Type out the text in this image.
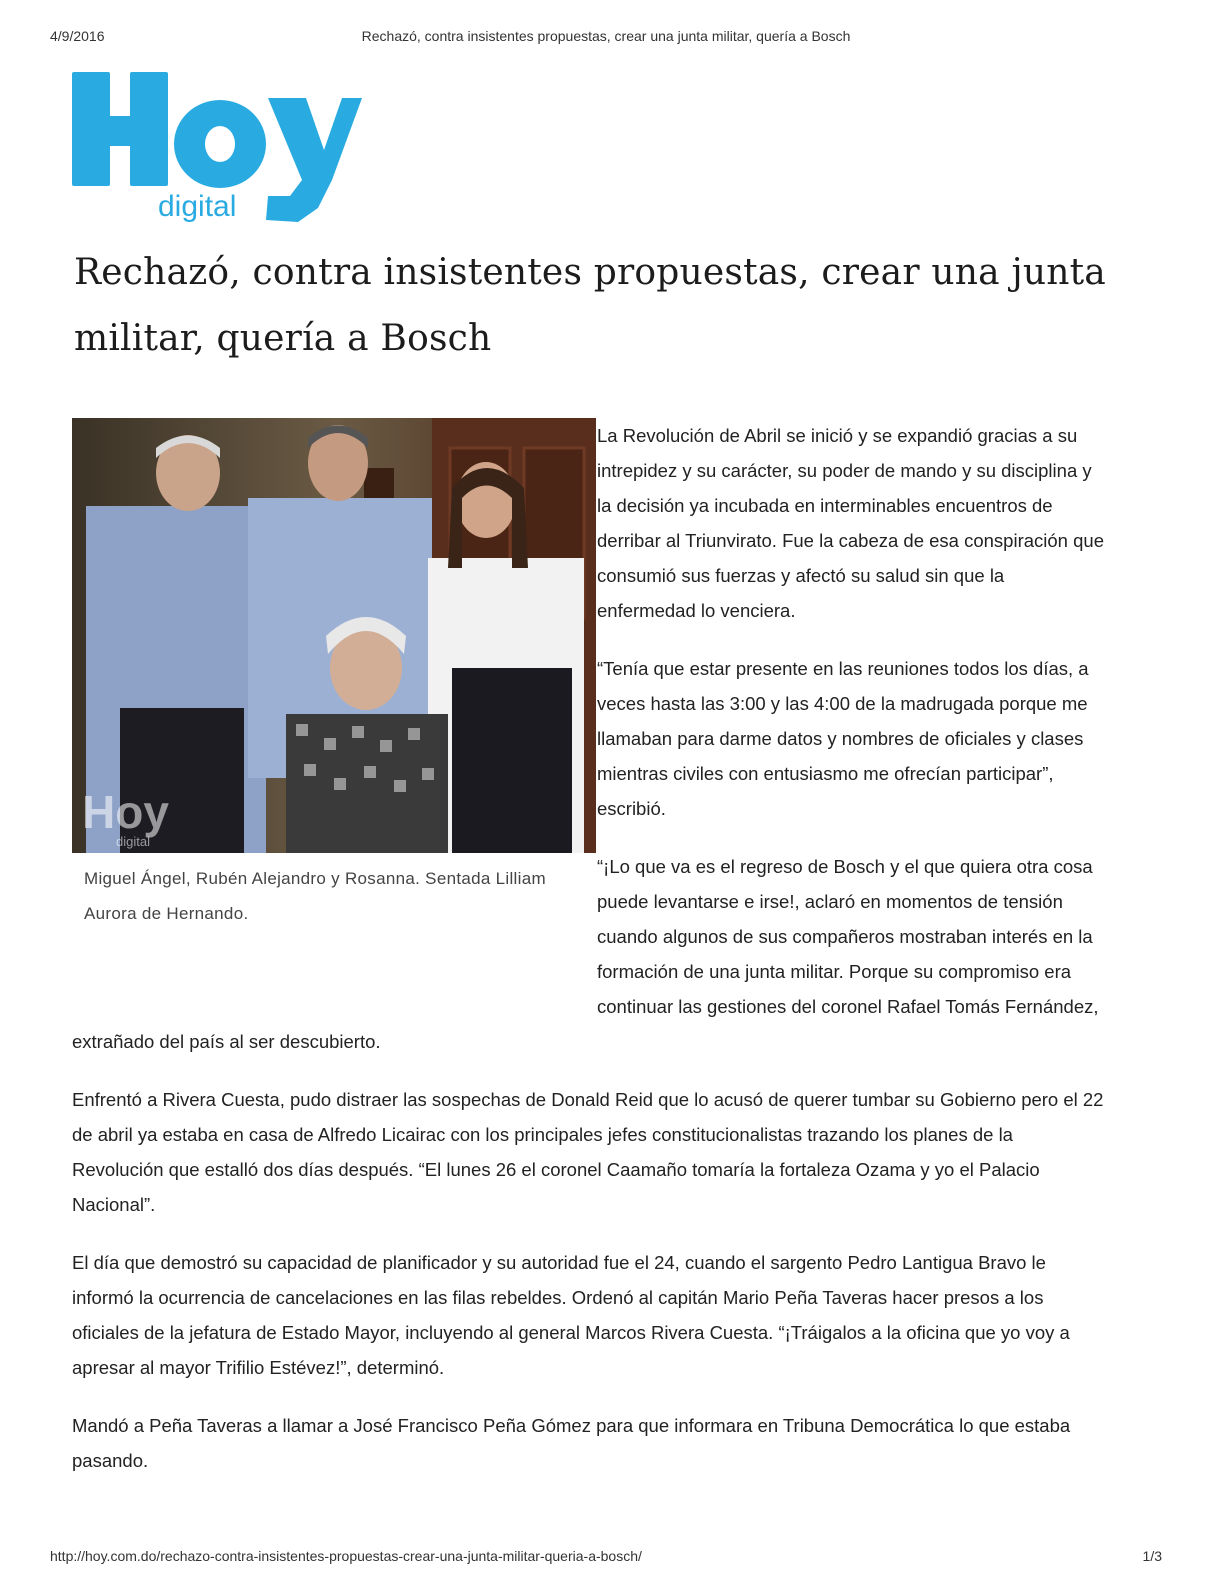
4/9/2016	Rechazó, contra insistentes propuestas, crear una junta militar, quería a Bosch
digital
Rechazó, contra insistentes propuestas, crear una junta militar, quería a Bosch
Hoy
digital
Miguel Ángel, Rubén Alejandro y Rosanna. Sentada Lilliam Aurora de Hernando.

La Revolución de Abril se inició y se expandió gracias a su intrepidez y su carácter, su poder de mando y su disciplina y la decisión ya incubada en interminables encuentros de derribar al Triunvirato. Fue la cabeza de esa conspiración que consumió sus fuerzas y afectó su salud sin que la enfermedad lo venciera.

“Tenía que estar presente en las reuniones todos los días, a veces hasta las 3:00 y las 4:00 de la madrugada porque me llamaban para darme datos y nombres de oficiales y clases mientras civiles con entusiasmo me ofrecían participar”, escribió.

“¡Lo que va es el regreso de Bosch y el que quiera otra cosa puede levantarse e irse!, aclaró en momentos de tensión cuando algunos de sus compañeros mostraban interés en la formación de una junta militar. Porque su compromiso era continuar las gestiones del coronel Rafael Tomás Fernández, extrañado del país al ser descubierto.

Enfrentó a Rivera Cuesta, pudo distraer las sospechas de Donald Reid que lo acusó de querer tumbar su Gobierno pero el 22 de abril ya estaba en casa de Alfredo Licairac con los principales jefes constitucionalistas trazando los planes de la Revolución que estalló dos días después. “El lunes 26 el coronel Caamaño tomaría la fortaleza Ozama y yo el Palacio Nacional”.

El día que demostró su capacidad de planificador y su autoridad fue el 24, cuando el sargento Pedro Lantigua Bravo le informó la ocurrencia de cancelaciones en las filas rebeldes. Ordenó al capitán Mario Peña Taveras hacer presos a los oficiales de la jefatura de Estado Mayor, incluyendo al general Marcos Rivera Cuesta. “¡Tráigalos a la oficina que yo voy a apresar al mayor Trifilio Estévez!”, determinó.

Mandó a Peña Taveras a llamar a José Francisco Peña Gómez para que informara en Tribuna Democrática lo que estaba pasando.

http://hoy.com.do/rechazo-contra-insistentes-propuestas-crear-una-junta-militar-queria-a-bosch/	1/3
